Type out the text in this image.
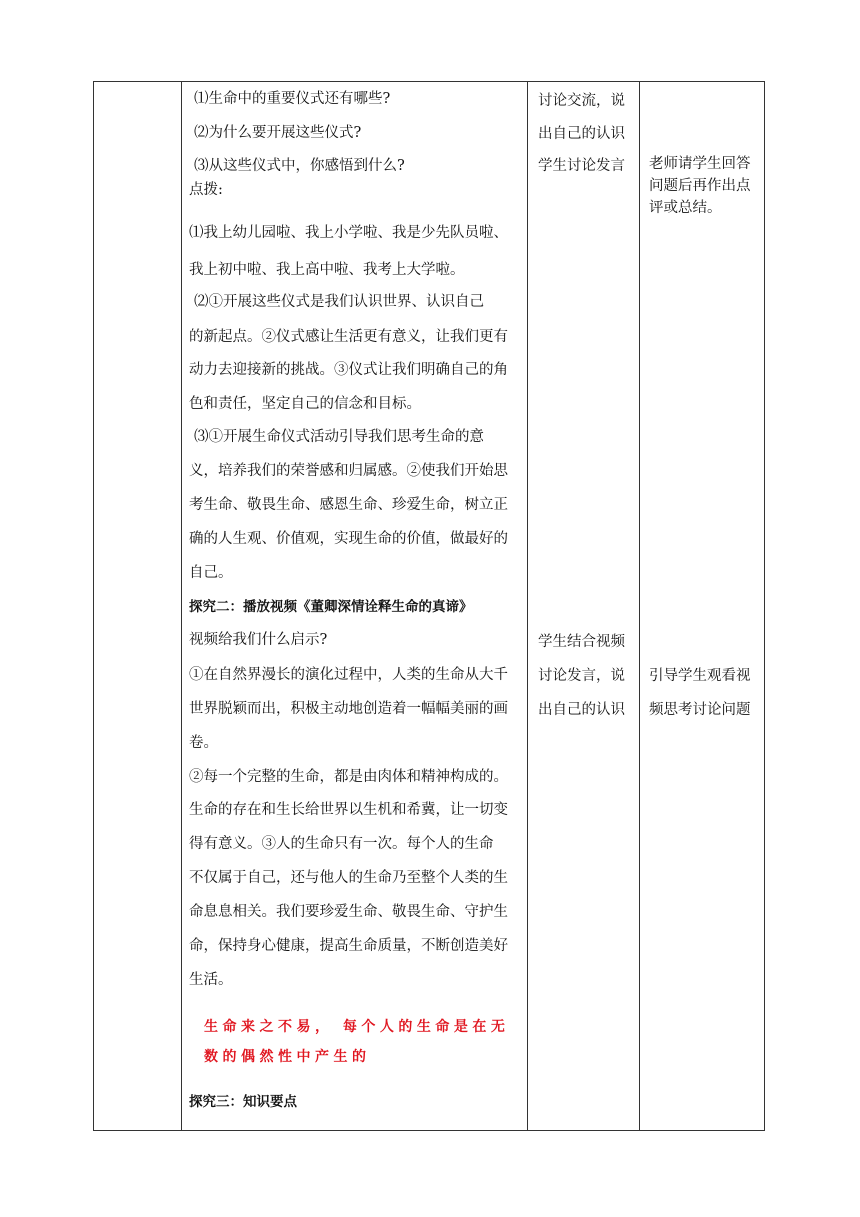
⑴生命中的重要仪式还有哪些?
⑵为什么要开展这些仪式?
⑶从这些仪式中，你感悟到什么?
点拨:
⑴我上幼儿园啦、我上小学啦、我是少先队员啦、
我上初中啦、我上高中啦、我考上大学啦。
⑵①开展这些仪式是我们认识世界、认识自己
的新起点。②仪式感让生活更有意义，让我们更有
动力去迎接新的挑战。③仪式让我们明确自己的角
色和责任，坚定自己的信念和目标。
⑶①开展生命仪式活动引导我们思考生命的意
义，培养我们的荣誉感和归属感。②使我们开始思
考生命、敬畏生命、感恩生命、珍爱生命，树立正
确的人生观、价值观，实现生命的价值，做最好的
自己。
探究二：播放视频《董卿深情诠释生命的真谛》
视频给我们什么启示?
①在自然界漫长的演化过程中，人类的生命从大千
世界脱颖而出，积极主动地创造着一幅幅美丽的画
卷。
②每一个完整的生命，都是由肉体和精神构成的。
生命的存在和生长给世界以生机和希冀，让一切变
得有意义。③人的生命只有一次。每个人的生命
不仅属于自己，还与他人的生命乃至整个人类的生
命息息相关。我们要珍爱生命、敬畏生命、守护生
命，保持身心健康，提高生命质量，不断创造美好
生活。
生命来之不易， 每个人的生命是在无
数的偶然性中产生的
探究三：知识要点
讨论交流，说
出自己的认识
学生讨论发言
学生结合视频
讨论发言，说
出自己的认识
老师请学生回答
问题后再作出点
评或总结。
引导学生观看视
频思考讨论问题
